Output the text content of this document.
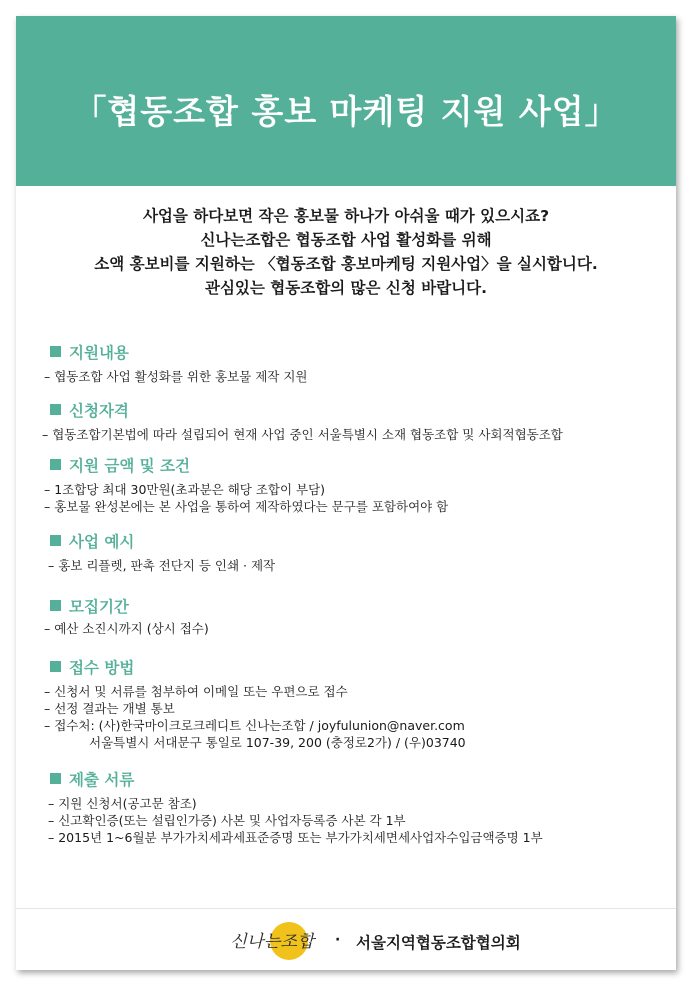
「협동조합 홍보 마케팅 지원 사업」
사업을 하다보면 작은 홍보물 하나가 아쉬울 때가 있으시죠?
신나는조합은 협동조합 사업 활성화를 위해
소액 홍보비를 지원하는 〈협동조합 홍보마케팅 지원사업〉을 실시합니다.
관심있는 협동조합의 많은 신청 바랍니다.
지원내용
– 협동조합 사업 활성화를 위한 홍보물 제작 지원
신청자격
– 협동조합기본법에 따라 설립되어 현재 사업 중인 서울특별시 소재 협동조합 및 사회적협동조합
지원 금액 및 조건
– 1조합당 최대 30만원(초과분은 해당 조합이 부담)
– 홍보물 완성본에는 본 사업을 통하여 제작하였다는 문구를 포함하여야 함
사업 예시
– 홍보 리플렛, 판촉 전단지 등 인쇄 · 제작
모집기간
– 예산 소진시까지 (상시 접수)
접수 방법
– 신청서 및 서류를 첨부하여 이메일 또는 우편으로 접수
– 선정 결과는 개별 통보
– 접수처: (사)한국마이크로크레디트 신나는조합 / joyfulunion@naver.com
서울특별시 서대문구 통일로 107-39, 200 (충정로2가) / (우)03740
제출 서류
– 지원 신청서(공고문 참조)
– 신고확인증(또는 설립인가증) 사본 및 사업자등록증 사본 각 1부
– 2015년 1~6월분 부가가치세과세표준증명 또는 부가가치세면세사업자수입금액증명 1부
신나는조합 · 서울지역협동조합협의회
